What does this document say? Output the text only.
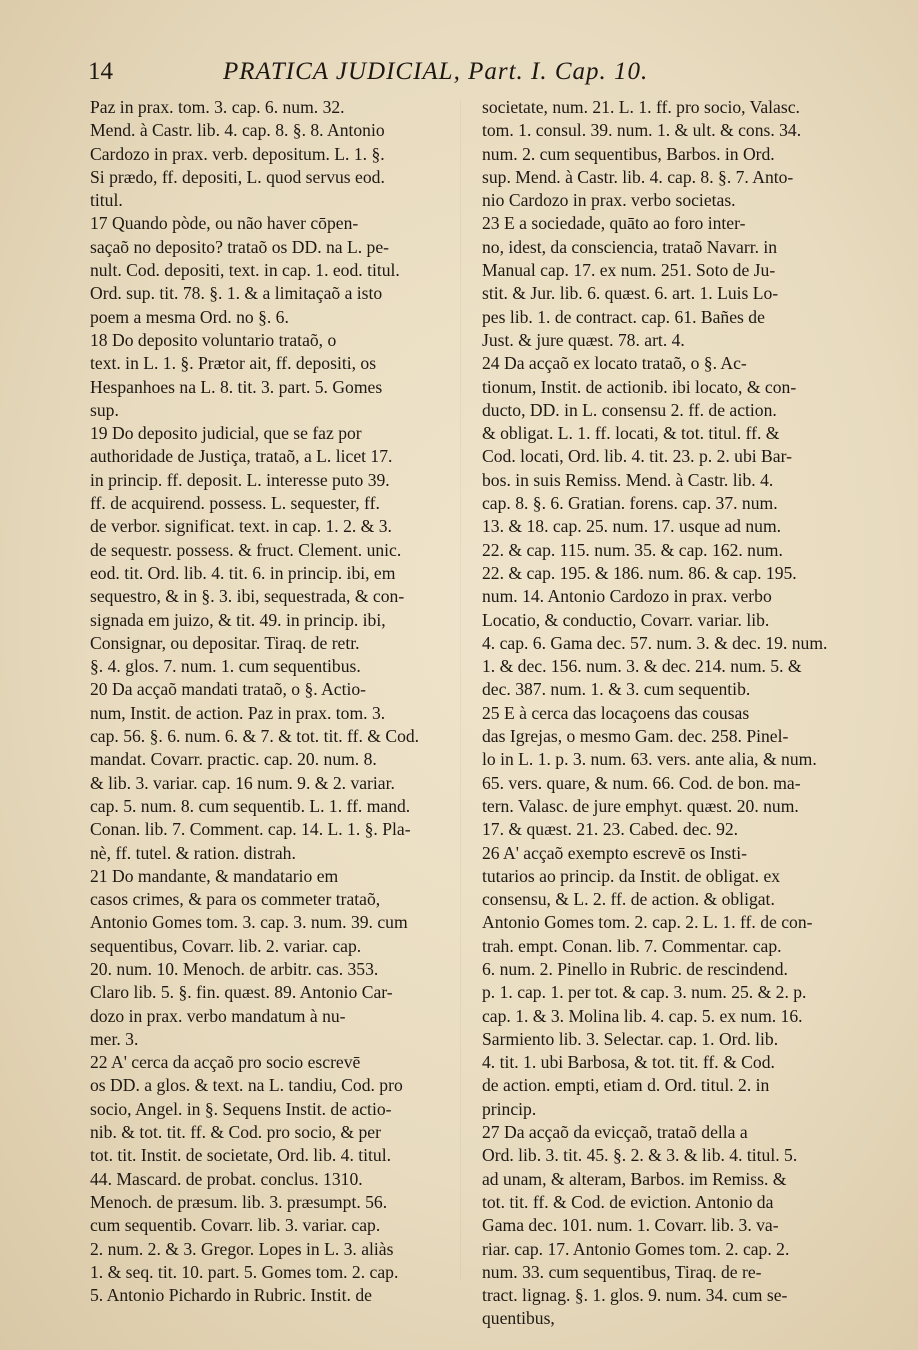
14	PRATICA JUDICIAL, Part. I. Cap. 10.
Paz in prax. tom. 3. cap. 6. num. 32.
Mend. à Castr. lib. 4. cap. 8. §. 8. Antonio
Cardozo in prax. verb. depositum. L. 1. §.
Si prædo, ff. depositi, L. quod servus eod.
titul.
17 Quando pòde, ou não haver cōpen-
saçaõ no deposito? trataõ os DD. na L. pe-
nult. Cod. depositi, text. in cap. 1. eod. titul.
Ord. sup. tit. 78. §. 1. & a limitaçaõ a isto
poem a mesma Ord. no §. 6.
18 Do deposito voluntario trataõ, o
text. in L. 1. §. Prætor ait, ff. depositi, os
Hespanhoes na L. 8. tit. 3. part. 5. Gomes
sup.
19 Do deposito judicial, que se faz por
authoridade de Justiça, trataõ, a L. licet 17.
in princip. ff. deposit. L. interesse puto 39.
ff. de acquirend. possess. L. sequester, ff.
de verbor. significat. text. in cap. 1. 2. & 3.
de sequestr. possess. & fruct. Clement. unic.
eod. tit. Ord. lib. 4. tit. 6. in princip. ibi, em
sequestro, & in §. 3. ibi, sequestrada, & con-
signada em juizo, & tit. 49. in princip. ibi,
Consignar, ou depositar. Tiraq. de retr.
§. 4. glos. 7. num. 1. cum sequentibus.
20 Da acçaõ mandati trataõ, o §. Actio-
num, Instit. de action. Paz in prax. tom. 3.
cap. 56. §. 6. num. 6. & 7. & tot. tit. ff. & Cod.
mandat. Covarr. practic. cap. 20. num. 8.
& lib. 3. variar. cap. 16 num. 9. & 2. variar.
cap. 5. num. 8. cum sequentib. L. 1. ff. mand.
Conan. lib. 7. Comment. cap. 14. L. 1. §. Pla-
nè, ff. tutel. & ration. distrah.
21 Do mandante, & mandatario em
casos crimes, & para os commeter trataõ,
Antonio Gomes tom. 3. cap. 3. num. 39. cum
sequentibus, Covarr. lib. 2. variar. cap.
20. num. 10. Menoch. de arbitr. cas. 353.
Claro lib. 5. §. fin. quæst. 89. Antonio Car-
dozo in prax. verbo mandatum à nu-
mer. 3.
22 A' cerca da acçaõ pro socio escrevē
os DD. a glos. & text. na L. tandiu, Cod. pro
socio, Angel. in §. Sequens Instit. de actio-
nib. & tot. tit. ff. & Cod. pro socio, & per
tot. tit. Instit. de societate, Ord. lib. 4. titul.
44. Mascard. de probat. conclus. 1310.
Menoch. de præsum. lib. 3. præsumpt. 56.
cum sequentib. Covarr. lib. 3. variar. cap.
2. num. 2. & 3. Gregor. Lopes in L. 3. aliàs
1. & seq. tit. 10. part. 5. Gomes tom. 2. cap.
5. Antonio Pichardo in Rubric. Instit. de
societate, num. 21. L. 1. ff. pro socio, Valasc.
tom. 1. consul. 39. num. 1. & ult. & cons. 34.
num. 2. cum sequentibus, Barbos. in Ord.
sup. Mend. à Castr. lib. 4. cap. 8. §. 7. Anto-
nio Cardozo in prax. verbo societas.
23 E a sociedade, quāto ao foro inter-
no, idest, da consciencia, trataõ Navarr. in
Manual cap. 17. ex num. 251. Soto de Ju-
stit. & Jur. lib. 6. quæst. 6. art. 1. Luis Lo-
pes lib. 1. de contract. cap. 61. Bañes de
Just. & jure quæst. 78. art. 4.
24 Da acçaõ ex locato trataõ, o §. Ac-
tionum, Instit. de actionib. ibi locato, & con-
ducto, DD. in L. consensu 2. ff. de action.
& obligat. L. 1. ff. locati, & tot. titul. ff. &
Cod. locati, Ord. lib. 4. tit. 23. p. 2. ubi Bar-
bos. in suis Remiss. Mend. à Castr. lib. 4.
cap. 8. §. 6. Gratian. forens. cap. 37. num.
13. & 18. cap. 25. num. 17. usque ad num.
22. & cap. 115. num. 35. & cap. 162. num.
22. & cap. 195. & 186. num. 86. & cap. 195.
num. 14. Antonio Cardozo in prax. verbo
Locatio, & conductio, Covarr. variar. lib.
4. cap. 6. Gama dec. 57. num. 3. & dec. 19. num.
1. & dec. 156. num. 3. & dec. 214. num. 5. &
dec. 387. num. 1. & 3. cum sequentib.
25 E à cerca das locaçoens das cousas
das Igrejas, o mesmo Gam. dec. 258. Pinel-
lo in L. 1. p. 3. num. 63. vers. ante alia, & num.
65. vers. quare, & num. 66. Cod. de bon. ma-
tern. Valasc. de jure emphyt. quæst. 20. num.
17. & quæst. 21. 23. Cabed. dec. 92.
26 A' acçaõ exempto escrevē os Insti-
tutarios ao princip. da Instit. de obligat. ex
consensu, & L. 2. ff. de action. & obligat.
Antonio Gomes tom. 2. cap. 2. L. 1. ff. de con-
trah. empt. Conan. lib. 7. Commentar. cap.
6. num. 2. Pinello in Rubric. de rescindend.
p. 1. cap. 1. per tot. & cap. 3. num. 25. & 2. p.
cap. 1. & 3. Molina lib. 4. cap. 5. ex num. 16.
Sarmiento lib. 3. Selectar. cap. 1. Ord. lib.
4. tit. 1. ubi Barbosa, & tot. tit. ff. & Cod.
de action. empti, etiam d. Ord. titul. 2. in
princip.
27 Da acçaõ da evicçaõ, trataõ della a
Ord. lib. 3. tit. 45. §. 2. & 3. & lib. 4. titul. 5.
ad unam, & alteram, Barbos. im Remiss. &
tot. tit. ff. & Cod. de eviction. Antonio da
Gama dec. 101. num. 1. Covarr. lib. 3. va-
riar. cap. 17. Antonio Gomes tom. 2. cap. 2.
num. 33. cum sequentibus, Tiraq. de re-
tract. lignag. §. 1. glos. 9. num. 34. cum se-
quentibus,
